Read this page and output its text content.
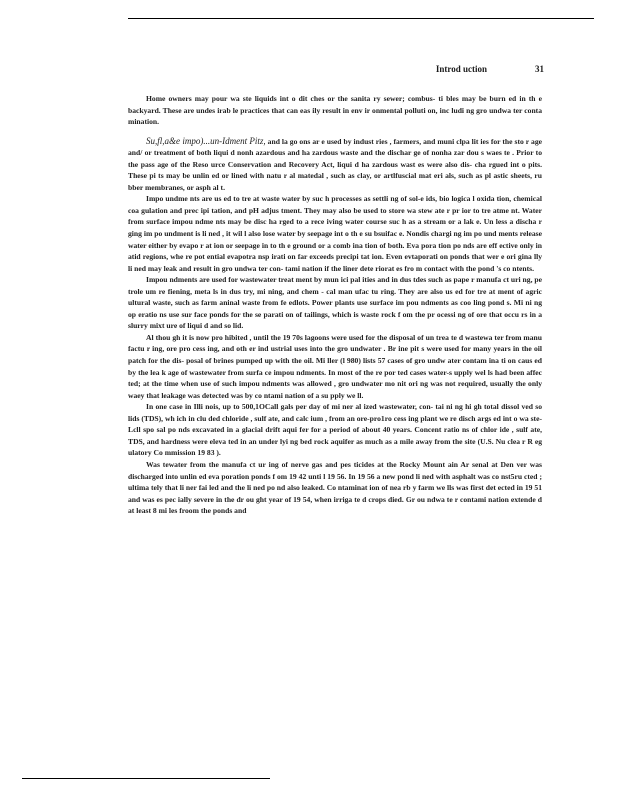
Introd uction	31

Home owners may pour wa ste liquids int o dit ches or the sanita ry sewer; combus- ti bles may be burn ed in th e backyard. These are undes irab le practices that can eas ily result in env ir onmental polluti on, inc ludi ng gro undwa ter conta mination.

Su,fl,a&e impo)...un-Idment Pitz, and la go ons ar e used by indust ries , farmers, and muni clpa lit ies for the sto r age and/ or treatment of both liqui d nonh azardous and ha zardous waste and the dischar ge of nonha zar dou s waes te . Prior to the pass age of the Reso urce Conservation and Recovery Act, liqui d ha zardous wast es were also dis- cha rgued int o pits. These pi ts may be unlin ed or lined with natu r al matedal , such as clay, or artlfuscial mat eri als, such as pl astic sheets, ru bber membranes, or asph al t.

Impo undme nts are us ed to tre at waste water by suc h processes as settli ng of sol-e ids, bio logica l oxida tion, chemical coa gulation and prec ipi tation, and pH adjus tment. They may also be used to store wa stew ate r pr ior to tre atme nt. Water from surface impou ndme nts may be disc ha rged to a rece iving water course suc h as a stream or a lak e. Un less a discha r ging im po undment is li ned , it wil l also lose water by seepage int o th e su bsuifac e. Nondis chargi ng im po und ments release water either by evapo r at ion or seepage in to th e ground or a comb ina tion of both. Eva pora tion po nds are eff ective only in atid regions, whe re pot ential evapotra nsp irati on far exceeds precipi tat ion. Even evtaporati on ponds that wer e ori gina lly li ned may leak and result in gro undwa ter con- tami nation if the liner dete riorat es fro m contact with the pond 's co ntents.

Impou ndments are used for wastewater treat ment by mun ici pal ities and in dus tdes such as pape r manufa ct uri ng, pe trole um re fiening, meta ls in dus try, mi ning, and chem - cal man ufac tu ring. They are also us ed for tre at ment of agric ultural waste, such as farm aninal waste from fe edlots. Power plants use surface im pou ndments as coo ling pond s. Mi ni ng op eratio ns use sur face ponds for the se parati on of tailings, which is waste rock f om the pr ocessi ng of ore that occu rs in a slurry mixt ure of liqui d and so lid.

Al thou gh it is now pro hibited , until the 19 70s lagoons were used for the disposal of un trea te d wastewa ter from manu factu r ing, ore pro cess ing, and oth er ind ustrial uses into the gro undwater . Br ine pit s were used for many years in the oil patch for the dis- posal of brines pumped up with the oil. Mi ller (l 980) lists 57 cases of gro undw ater contam ina ti on caus ed by the lea k age of wastewater from surfa ce impou ndments. In most of the re por ted cases water-s upply wel ls had been affec ted; at the time when use of such impou ndments was allowed , gro undwater mo nit ori ng was not required, usually the only waey that leakage was detected was by co ntami nation of a su pply we ll.

In one case in Illi nois, up to 500,1OCall gals per day of mi ner al ized wastewater, con- tai ni ng hi gh total dissol ved so lids (TDS), wh ich in clu ded chloride , sulf ate, and calc ium , from an ore-pro1ro cess ing plant we re disch args ed int o wa ste-Lcll spo sal po nds excavated in a glacial drift aqui fer for a period of about 40 years. Concent ratio ns of chlor ide , sulf ate, TDS, and hardness were eleva ted in an under lyi ng bed rock aquifer as much as a mile away from the site (U.S. Nu clea r R eg ulatory Co mmission 19 83 ).

Was tewater from the manufa ct ur ing of nerve gas and pes ticides at the Rocky Mount ain Ar senal at Den ver was discharged into unlin ed eva poration ponds f om 19 42 unti l 19 56. In 19 56 a new pond li ned with asphalt was co nst5ru cted ; ultima tely that li ner fai led and the li ned po nd also leaked. Co ntaminat ion of nea rb y farm we lls was first det ected in 19 51 and was es pec ially severe in the dr ou ght year of 19 54, when irriga te d crops died. Gr ou ndwa te r contami nation extende d at least 8 mi les froom the ponds and
